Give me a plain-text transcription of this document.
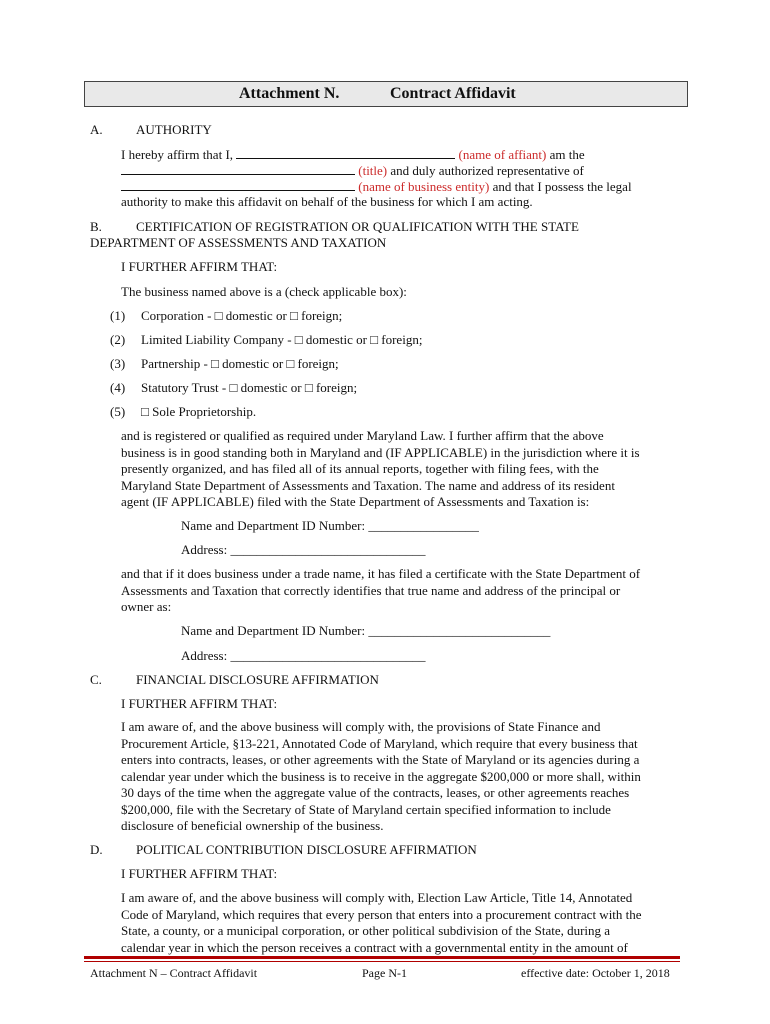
Attachment N.	Contract Affidavit
A.	AUTHORITY
I hereby affirm that I,	(name of affiant) am the
(title) and duly authorized representative of
(name of business entity) and that I possess the legal
authority to make this affidavit on behalf of the business for which I am acting.
B.	CERTIFICATION OF REGISTRATION OR QUALIFICATION WITH THE STATE
DEPARTMENT OF ASSESSMENTS AND TAXATION
I FURTHER AFFIRM THAT:
The business named above is a (check applicable box):
(1) Corporation - □ domestic or □ foreign;
(2) Limited Liability Company - □ domestic or □ foreign;
(3) Partnership - □ domestic or □ foreign;
(4) Statutory Trust - □ domestic or □ foreign;
(5) □ Sole Proprietorship.
and is registered or qualified as required under Maryland Law. I further affirm that the above
business is in good standing both in Maryland and (IF APPLICABLE) in the jurisdiction where it is
presently organized, and has filed all of its annual reports, together with filing fees, with the
Maryland State Department of Assessments and Taxation. The name and address of its resident
agent (IF APPLICABLE) filed with the State Department of Assessments and Taxation is:
Name and Department ID Number: _________________
Address: ______________________________
and that if it does business under a trade name, it has filed a certificate with the State Department of
Assessments and Taxation that correctly identifies that true name and address of the principal or
owner as:
Name and Department ID Number: ____________________________
Address: ______________________________
C.	FINANCIAL DISCLOSURE AFFIRMATION
I FURTHER AFFIRM THAT:
I am aware of, and the above business will comply with, the provisions of State Finance and
Procurement Article, §13-221, Annotated Code of Maryland, which require that every business that
enters into contracts, leases, or other agreements with the State of Maryland or its agencies during a
calendar year under which the business is to receive in the aggregate $200,000 or more shall, within
30 days of the time when the aggregate value of the contracts, leases, or other agreements reaches
$200,000, file with the Secretary of State of Maryland certain specified information to include
disclosure of beneficial ownership of the business.
D.	POLITICAL CONTRIBUTION DISCLOSURE AFFIRMATION
I FURTHER AFFIRM THAT:
I am aware of, and the above business will comply with, Election Law Article, Title 14, Annotated
Code of Maryland, which requires that every person that enters into a procurement contract with the
State, a county, or a municipal corporation, or other political subdivision of the State, during a
calendar year in which the person receives a contract with a governmental entity in the amount of
Attachment N – Contract Affidavit	Page N-1	effective date: October 1, 2018
